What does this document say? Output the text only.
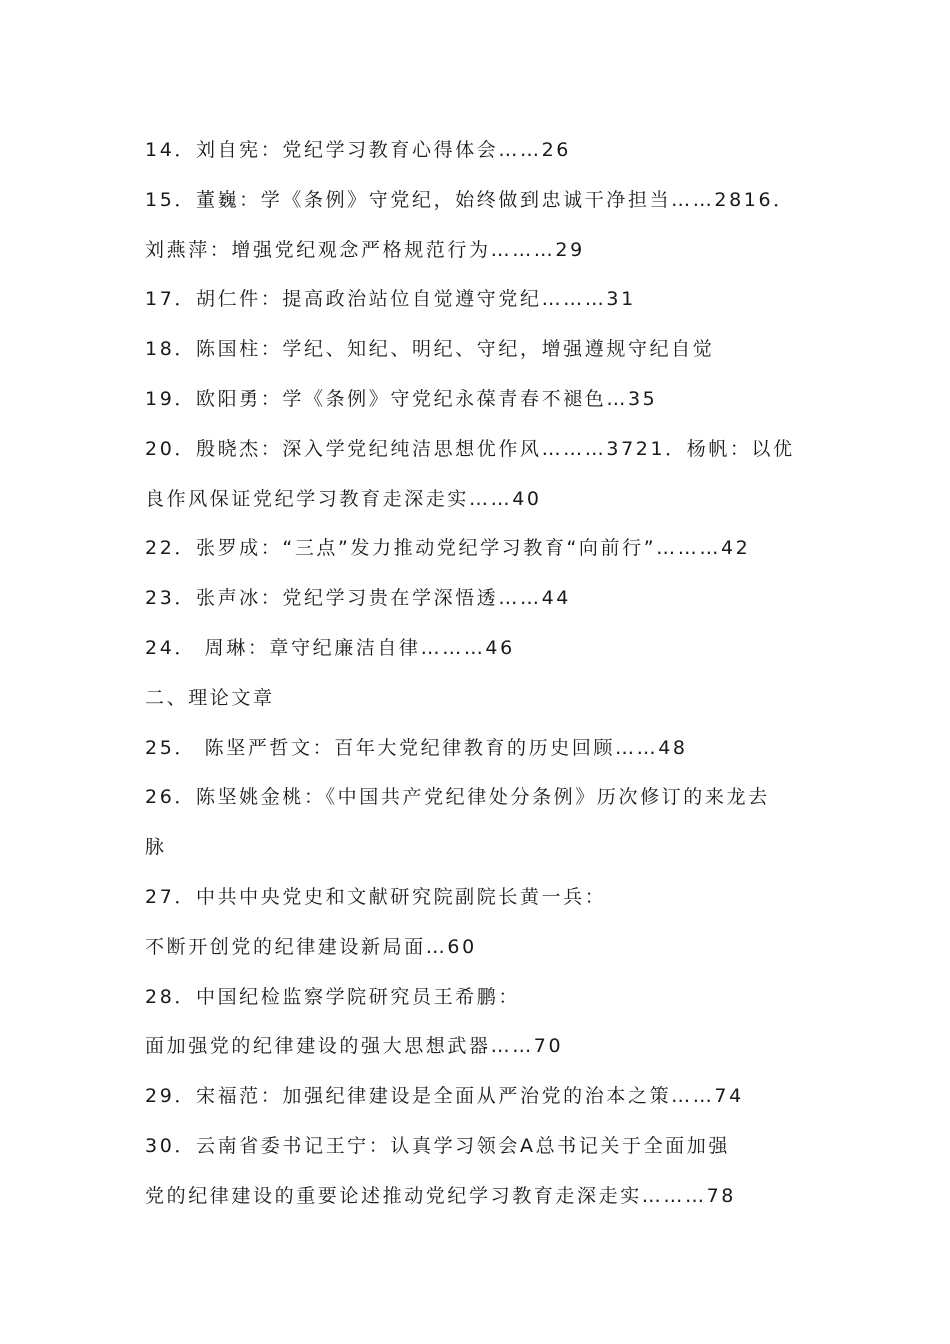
14．刘自宪：党纪学习教育心得体会……26
15．董巍：学《条例》守党纪，始终做到忠诚干净担当……2816．
刘燕萍：增强党纪观念严格规范行为………29
17．胡仁件：提高政治站位自觉遵守党纪………31
18．陈国柱：学纪、知纪、明纪、守纪，增强遵规守纪自觉
19．欧阳勇：学《条例》守党纪永葆青春不褪色…35
20．殷晓杰：深入学党纪纯洁思想优作风………3721．杨帆：以优
良作风保证党纪学习教育走深走实……40
22．张罗成：“三点”发力推动党纪学习教育“向前行”………42
23．张声冰：党纪学习贵在学深悟透……44
24． 周琳：章守纪廉洁自律………46
二、理论文章
25． 陈坚严哲文：百年大党纪律教育的历史回顾……48
26．陈坚姚金桃：《中国共产党纪律处分条例》历次修订的来龙去
脉
27．中共中央党史和文献研究院副院长黄一兵：
不断开创党的纪律建设新局面…60
28．中国纪检监察学院研究员王希鹏：
面加强党的纪律建设的强大思想武器……70
29．宋福范：加强纪律建设是全面从严治党的治本之策……74
30．云南省委书记王宁：认真学习领会A总书记关于全面加强
党的纪律建设的重要论述推动党纪学习教育走深走实………78
